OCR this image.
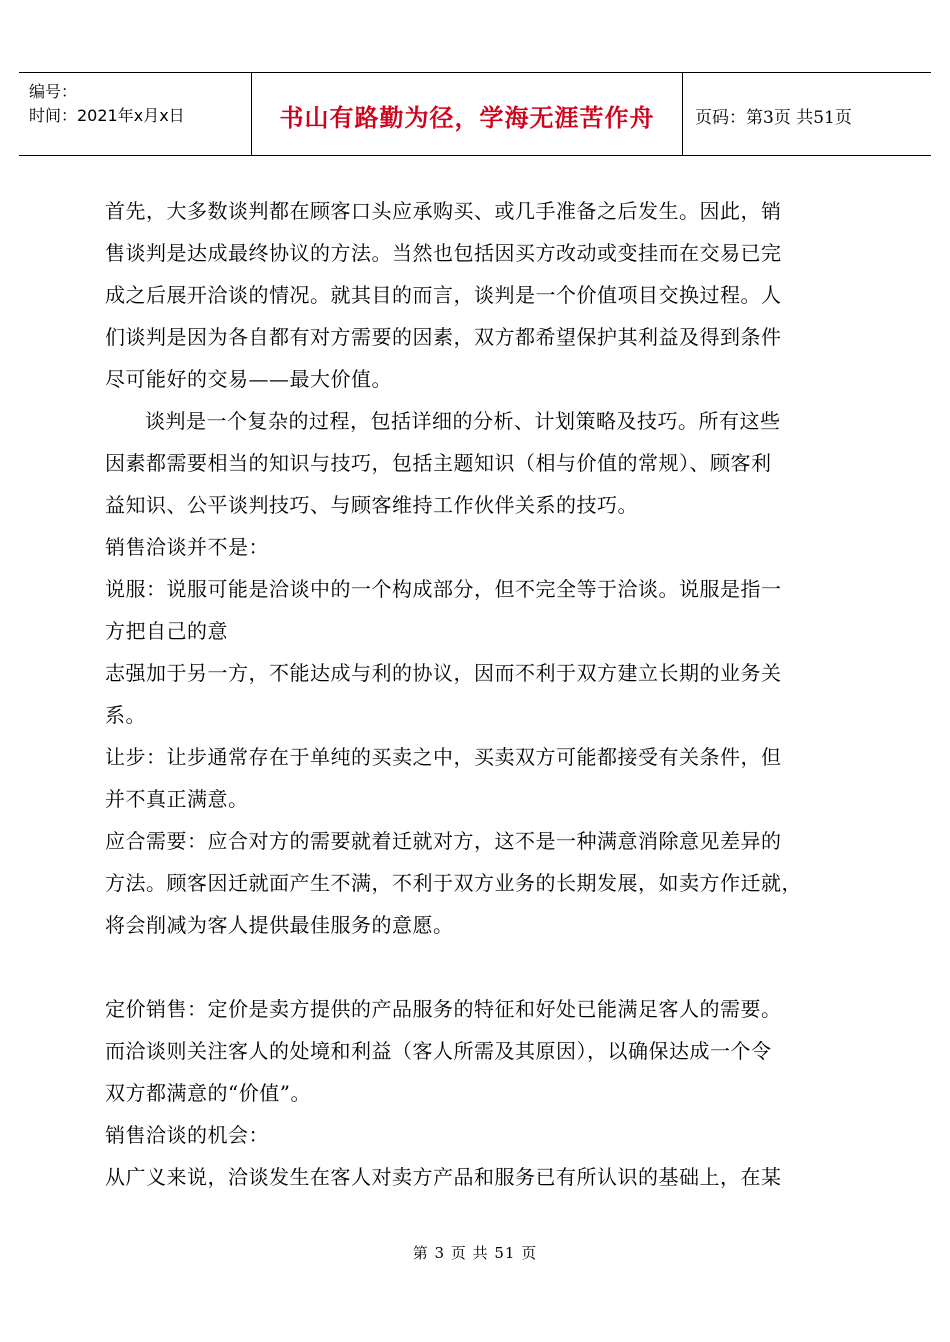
编号：
时间：2021年x月x日	书山有路勤为径，学海无涯苦作舟	页码：第3页 共51页

首先，大多数谈判都在顾客口头应承购买、或几手准备之后发生。因此，销

售谈判是达成最终协议的方法。当然也包括因买方改动或变挂而在交易已完

成之后展开洽谈的情况。就其目的而言，谈判是一个价值项目交换过程。人

们谈判是因为各自都有对方需要的因素，双方都希望保护其利益及得到条件

尽可能好的交易——最大价值。

谈判是一个复杂的过程，包括详细的分析、计划策略及技巧。所有这些

因素都需要相当的知识与技巧，包括主题知识（相与价值的常规）、顾客利

益知识、公平谈判技巧、与顾客维持工作伙伴关系的技巧。

销售洽谈并不是：

说服：说服可能是洽谈中的一个构成部分，但不完全等于洽谈。说服是指一

方把自己的意

志强加于另一方，不能达成与利的协议，因而不利于双方建立长期的业务关

系。

让步：让步通常存在于单纯的买卖之中，买卖双方可能都接受有关条件，但

并不真正满意。

应合需要：应合对方的需要就着迁就对方，这不是一种满意消除意见差异的

方法。顾客因迁就面产生不满，不利于双方业务的长期发展，如卖方作迁就，

将会削减为客人提供最佳服务的意愿。

定价销售：定价是卖方提供的产品服务的特征和好处已能满足客人的需要。

而洽谈则关注客人的处境和利益（客人所需及其原因），以确保达成一个令

双方都满意的“价值”。

销售洽谈的机会：

从广义来说，洽谈发生在客人对卖方产品和服务已有所认识的基础上，在某

第 3 页 共 51 页
